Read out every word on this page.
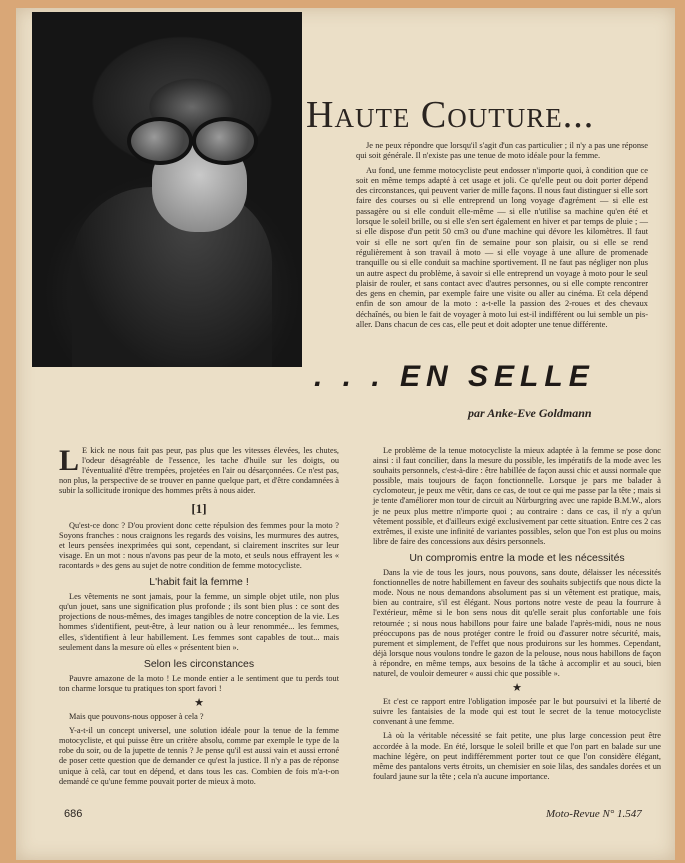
Haute Couture...

Je ne peux répondre que lorsqu'il s'agit d'un cas particulier ; il n'y a pas une réponse qui soit générale. Il n'existe pas une tenue de moto idéale pour la femme.

Au fond, une femme motocycliste peut endosser n'importe quoi, à condition que ce soit en même temps adapté à cet usage et joli. Ce qu'elle peut ou doit porter dépend des circonstances, qui peuvent varier de mille façons. Il nous faut distinguer si elle sort faire des courses ou si elle entreprend un long voyage d'agrément — si elle est passagère ou si elle conduit elle-même — si elle n'utilise sa machine qu'en été et lorsque le soleil brille, ou si elle s'en sert également en hiver et par temps de pluie ; — si elle dispose d'un petit 50 cm3 ou d'une machine qui dévore les kilomètres. Il faut voir si elle ne sort qu'en fin de semaine pour son plaisir, ou si elle se rend régulièrement à son travail à moto — si elle voyage à une allure de promenade tranquille ou si elle conduit sa machine sportivement. Il ne faut pas négliger non plus un autre aspect du problème, à savoir si elle entreprend un voyage à moto pour le seul plaisir de rouler, et sans contact avec d'autres personnes, ou si elle compte rencontrer des gens en chemin, par exemple faire une visite ou aller au cinéma. Et cela dépend enfin de son amour de la moto : a-t-elle la passion des 2-roues et des chevaux déchaînés, ou bien le fait de voyager à moto lui est-il indifférent ou lui semble un pis-aller. Dans chacun de ces cas, elle peut et doit adopter une tenue différente.

. . . EN SELLE
par Anke-Eve Goldmann

L E kick ne nous fait pas peur, pas plus que les vitesses élevées, les chutes, l'odeur désagréable de l'essence, les tache d'huile sur les doigts, ou l'éventualité d'être trempées, projetées en l'air ou désarçonnées. Ce n'est pas, non plus, la perspective de se trouver en panne quelque part, et d'être condamnées à subir la sollicitude ironique des hommes prêts à nous aider.

[1]

Qu'est-ce donc ? D'ou provient donc cette répulsion des femmes pour la moto ? Soyons franches : nous craignons les regards des voisins, les murmures des autres, et leurs pensées inexprimées qui sont, cependant, si clairement inscrites sur leur visage. En un mot : nous n'avons pas peur de la moto, et seuls nous effrayent les « racontards » des gens au sujet de notre condition de femme motocycliste.

L'habit fait la femme !

Les vêtements ne sont jamais, pour la femme, un simple objet utile, non plus qu'un jouet, sans une signification plus profonde ; ils sont bien plus : ce sont des projections de nous-mêmes, des images tangibles de notre conception de la vie. Les hommes s'identifient, peut-être, à leur nation ou à leur renommée... les femmes, elles, s'identifient à leur habillement. Les femmes sont capables de tout... mais seulement dans la mesure où elles « présentent bien ».

Selon les circonstances

Pauvre amazone de la moto ! Le monde entier a le sentiment que tu perds tout ton charme lorsque tu pratiques ton sport favori !

★

Mais que pouvons-nous opposer à cela ?

Y-a-t-il un concept universel, une solution idéale pour la tenue de la femme motocycliste, et qui puisse être un critère absolu, comme par exemple le type de la robe du soir, ou de la jupette de tennis ? Je pense qu'il est aussi vain et aussi erroné de poser cette question que de demander ce qu'est la justice. Il n'y a pas de réponse unique à celà, car tout en dépend, et dans tous les cas. Combien de fois m'a-t-on demandé ce qu'une femme pouvait porter de mieux à moto.

Le problème de la tenue motocycliste la mieux adaptée à la femme se pose donc ainsi : il faut concilier, dans la mesure du possible, les impératifs de la mode avec les souhaits personnels, c'est-à-dire : être habillée de façon aussi chic et aussi normale que possible, mais toujours de façon fonctionnelle. Lorsque je pars me balader à cyclomoteur, je peux me vêtir, dans ce cas, de tout ce qui me passe par la tête ; mais si je tente d'améliorer mon tour de circuit au Nürburgring avec une rapide B.M.W., alors je ne peux plus mettre n'importe quoi ; au contraire : dans ce cas, il n'y a qu'un vêtement possible, et d'ailleurs exigé exclusivement par cette situation. Entre ces 2 cas extrêmes, il existe une infinité de variantes possibles, selon que l'on est plus ou moins libre de faire des concessions aux désirs personnels.

Un compromis entre la mode et les nécessités

Dans la vie de tous les jours, nous pouvons, sans doute, délaisser les nécessités fonctionnelles de notre habillement en faveur des souhaits subjectifs que nous dicte la mode. Nous ne nous demandons absolument pas si un vêtement est pratique, mais, bien au contraire, s'il est élégant. Nous portons notre veste de peau la fourrure à l'extérieur, même si le bon sens nous dit qu'elle serait plus confortable une fois retournée ; si nous nous habillons pour faire une balade l'après-midi, nous ne nous préoccupons pas de nous protéger contre le froid ou d'assurer notre sécurité, mais, purement et simplement, de l'effet que nous produirons sur les hommes. Cependant, déjà lorsque nous voulons tondre le gazon de la pelouse, nous nous habillons de façon à répondre, en même temps, aux besoins de la tâche à accomplir et au souci, bien naturel, de vouloir demeurer « aussi chic que possible ».

★

Et c'est ce rapport entre l'obligation imposée par le but poursuivi et la liberté de suivre les fantaisies de la mode qui est tout le secret de la tenue motocycliste convenant à une femme.

Là où la véritable nécessité se fait petite, une plus large concession peut être accordée à la mode. En été, lorsque le soleil brille et que l'on part en balade sur une machine légère, on peut indifféremment porter tout ce que l'on considère élégant, même des pantalons verts étroits, un chemisier en soie lilas, des sandales dorées et un foulard jaune sur la tête ; cela n'a aucune importance.

686	Moto-Revue N° 1.547
